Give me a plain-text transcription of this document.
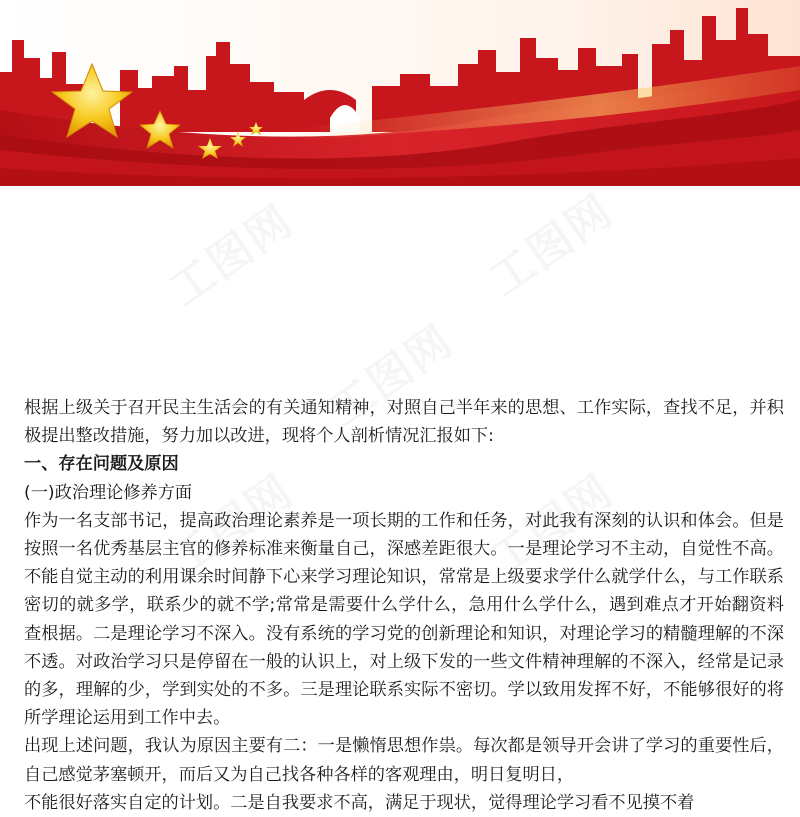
工图网	工图网
工图网
工图网	工图网

根据上级关于召开民主生活会的有关通知精神，对照自己半年来的思想、工作实际，查找不足，并积极提出整改措施，努力加以改进，现将个人剖析情况汇报如下:

一、存在问题及原因

(一)政治理论修养方面

作为一名支部书记，提高政治理论素养是一项长期的工作和任务，对此我有深刻的认识和体会。但是按照一名优秀基层主官的修养标准来衡量自己，深感差距很大。一是理论学习不主动，自觉性不高。不能自觉主动的利用课余时间静下心来学习理论知识，常常是上级要求学什么就学什么，与工作联系密切的就多学，联系少的就不学;常常是需要什么学什么，急用什么学什么，遇到难点才开始翻资料查根据。二是理论学习不深入。没有系统的学习党的创新理论和知识，对理论学习的精髓理解的不深不透。对政治学习只是停留在一般的认识上，对上级下发的一些文件精神理解的不深入，经常是记录的多，理解的少，学到实处的不多。三是理论联系实际不密切。学以致用发挥不好，不能够很好的将所学理论运用到工作中去。

出现上述问题，我认为原因主要有二：一是懒惰思想作祟。每次都是领导开会讲了学习的重要性后，自己感觉茅塞顿开，而后又为自己找各种各样的客观理由，明日复明日，

不能很好落实自定的计划。二是自我要求不高，满足于现状，觉得理论学习看不见摸不着
